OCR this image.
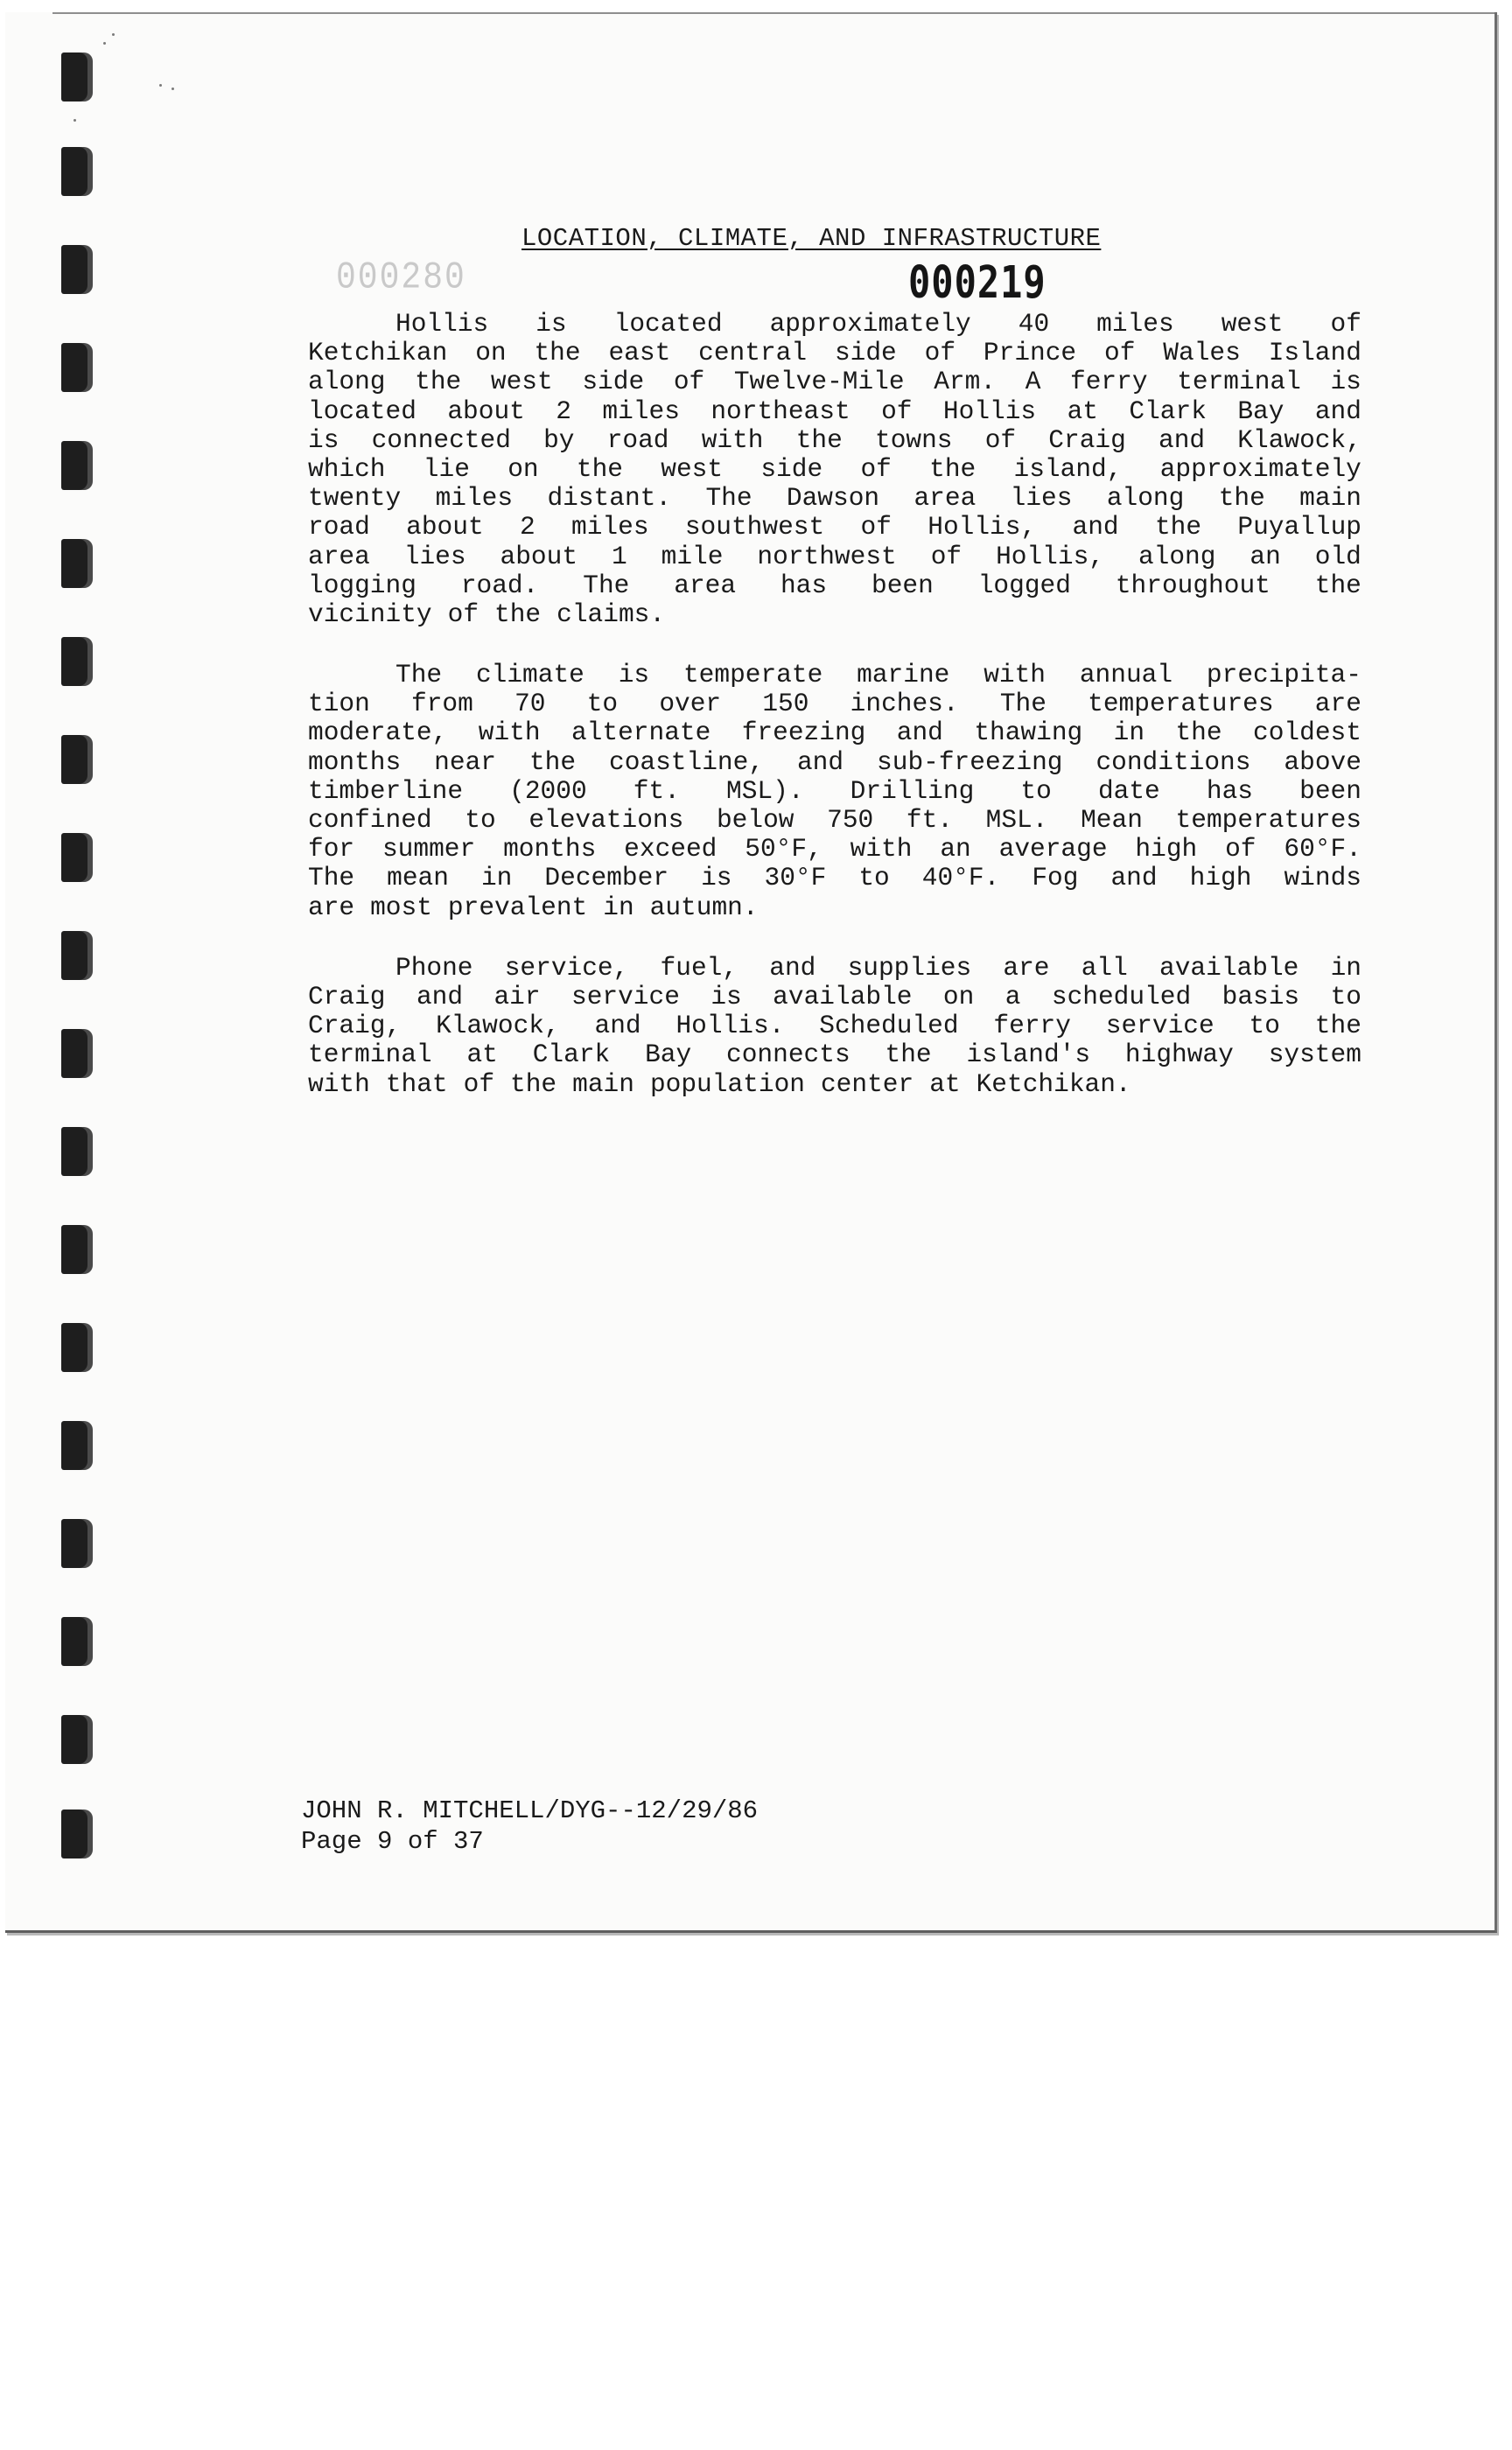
LOCATION, CLIMATE, AND INFRASTRUCTURE
000280	000219
Hollis is located approximately 40 miles west of
Ketchikan on the east central side of Prince of Wales Island
along the west side of Twelve-Mile Arm. A ferry terminal is
located about 2 miles northeast of Hollis at Clark Bay and
is connected by road with the towns of Craig and Klawock,
which lie on the west side of the island, approximately
twenty miles distant. The Dawson area lies along the main
road about 2 miles southwest of Hollis, and the Puyallup
area lies about 1 mile northwest of Hollis, along an old
logging road. The area has been logged throughout the
vicinity of the claims.
The climate is temperate marine with annual precipita-
tion from 70 to over 150 inches. The temperatures are
moderate, with alternate freezing and thawing in the coldest
months near the coastline, and sub-freezing conditions above
timberline (2000 ft. MSL). Drilling to date has been
confined to elevations below 750 ft. MSL. Mean temperatures
for summer months exceed 50°F, with an average high of 60°F.
The mean in December is 30°F to 40°F. Fog and high winds
are most prevalent in autumn.
Phone service, fuel, and supplies are all available in
Craig and air service is available on a scheduled basis to
Craig, Klawock, and Hollis. Scheduled ferry service to the
terminal at Clark Bay connects the island's highway system
with that of the main population center at Ketchikan.
JOHN R. MITCHELL/DYG--12/29/86
Page 9 of 37
